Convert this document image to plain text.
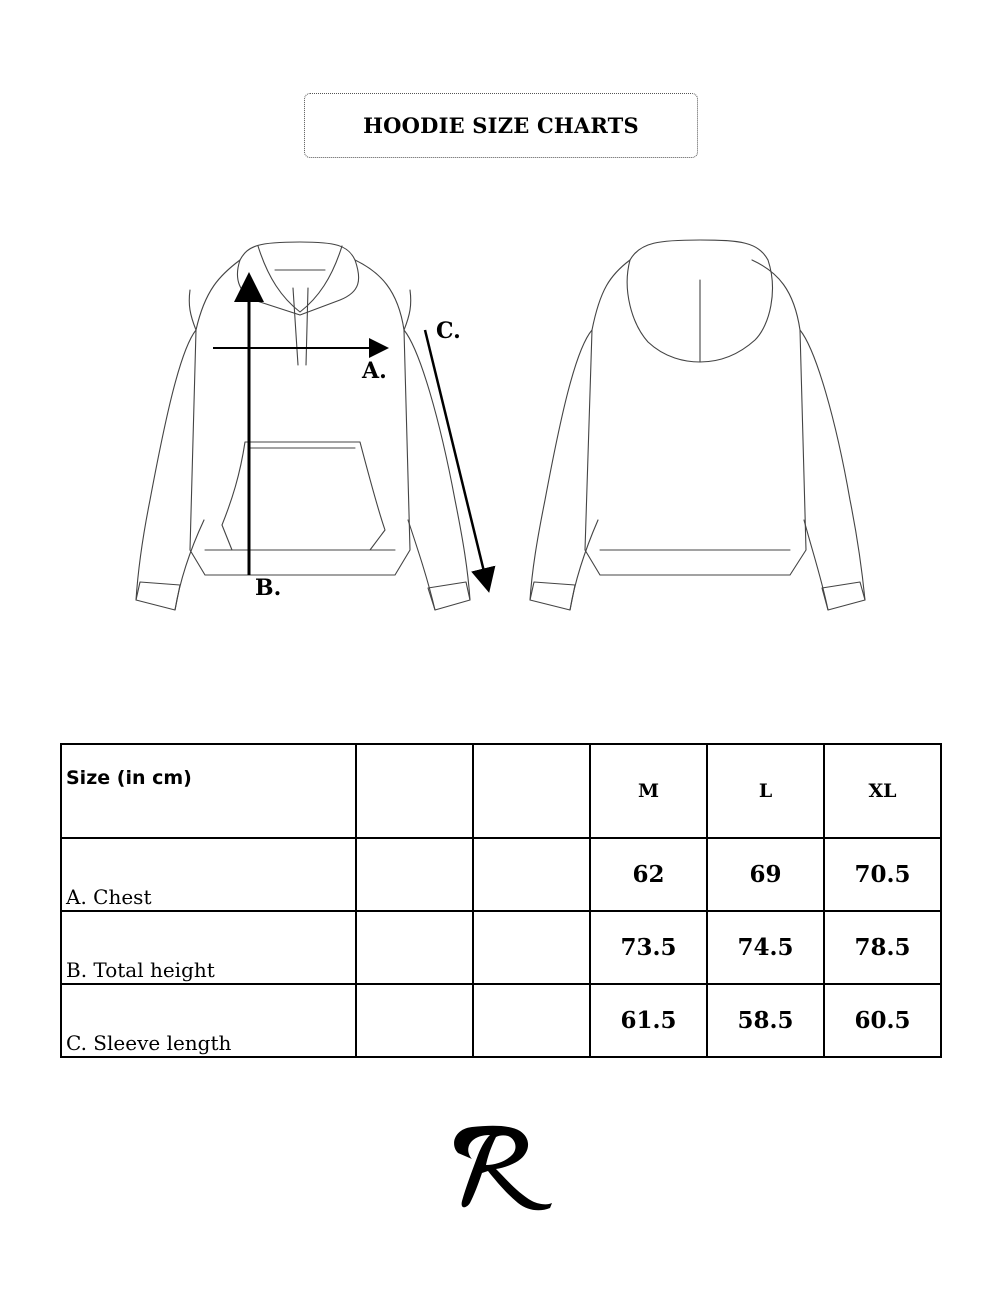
HOODIE SIZE CHARTS
A.
B.
C.
Size (in cm)			M	L	XL
A. Chest			62	69	70.5
B. Total height			73.5	74.5	78.5
C. Sleeve length			61.5	58.5	60.5
